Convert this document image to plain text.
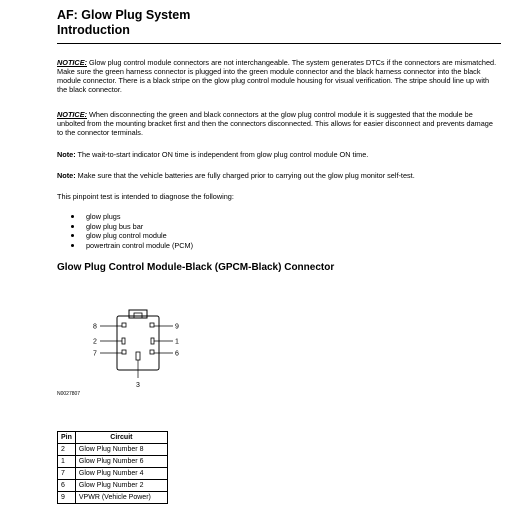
AF: Glow Plug System
Introduction
NOTICE: Glow plug control module connectors are not interchangeable. The system generates DTCs if the connectors are mismatched. Make sure the green harness connector is plugged into the green module connector and the black harness connector into the black module connector. There is a black stripe on the glow plug control module housing for visual verification. The stripe should line up with the black connector.
NOTICE: When disconnecting the green and black connectors at the glow plug control module it is suggested that the module be unbolted from the mounting bracket first and then the connectors disconnected. This allows for easier disconnect and prevents damage to the connector terminals.
Note: The wait-to-start indicator ON time is independent from glow plug control module ON time.
Note: Make sure that the vehicle batteries are fully charged prior to carrying out the glow plug monitor self-test.
This pinpoint test is intended to diagnose the following:
glow plugs
glow plug bus bar
glow plug control module
powertrain control module (PCM)
Glow Plug Control Module-Black (GPCM-Black) Connector
8
2
7
9
1
6
3
N0027807
Pin	Circuit
2	Glow Plug Number 8
1	Glow Plug Number 6
7	Glow Plug Number 4
6	Glow Plug Number 2
9	VPWR (Vehicle Power)
